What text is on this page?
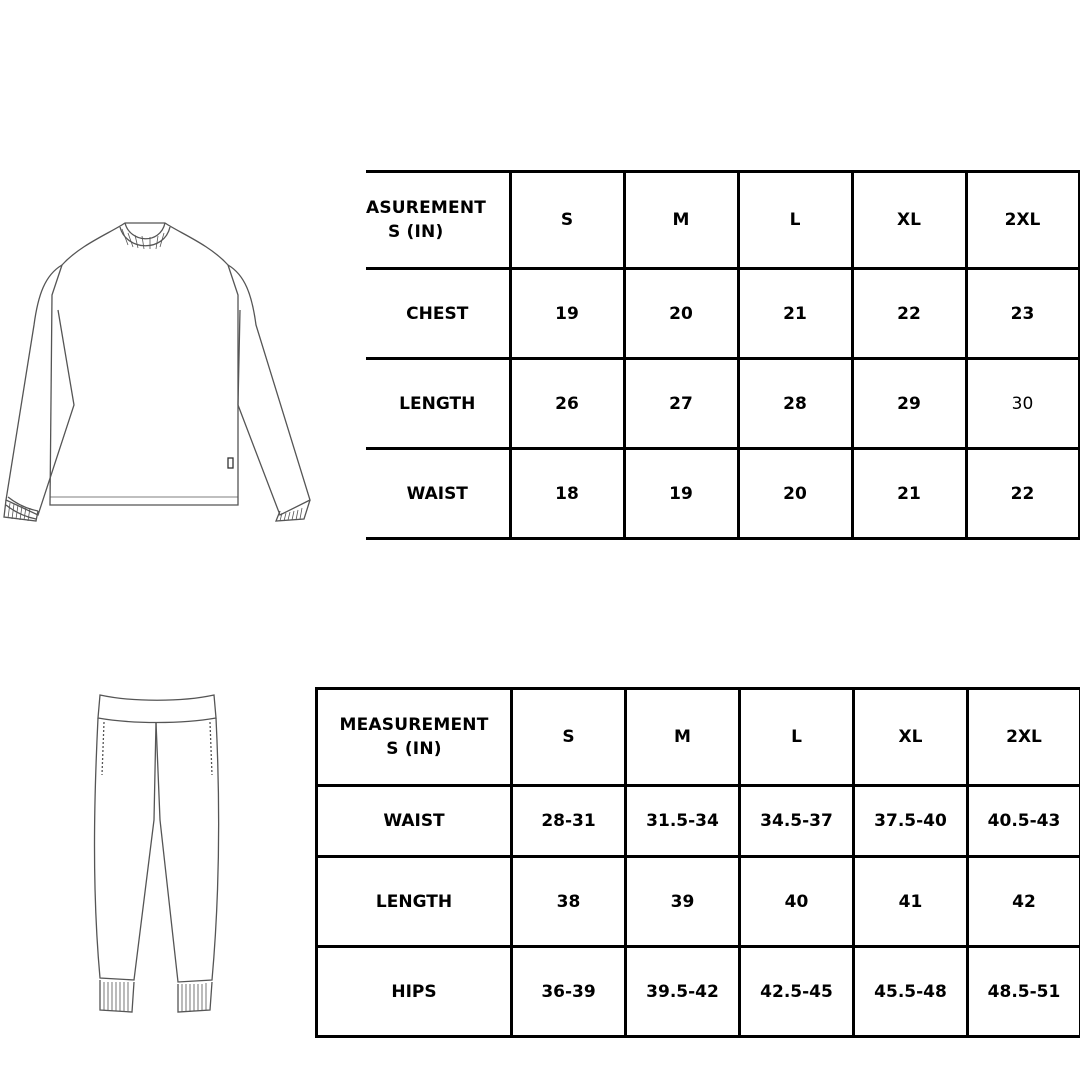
ASUREMENT
S (IN)	S	M	L	XL	2XL
CHEST	19	20	21	22	23
LENGTH	26	27	28	29	30
WAIST	18	19	20	21	22
MEASUREMENT
S (IN)	S	M	L	XL	2XL
WAIST	28-31	31.5-34	34.5-37	37.5-40	40.5-43
LENGTH	38	39	40	41	42
HIPS	36-39	39.5-42	42.5-45	45.5-48	48.5-51
